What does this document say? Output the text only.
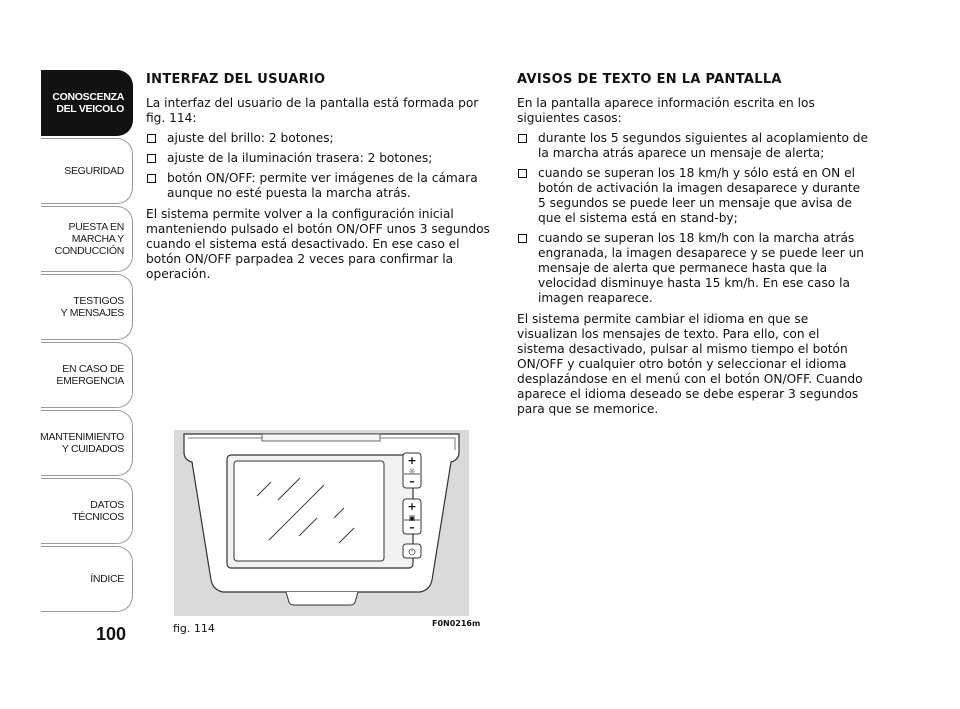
CONOSCENZA
DEL VEICOLO
SEGURIDAD
PUESTA EN
MARCHA Y
CONDUCCIÓN
TESTIGOS
Y MENSAJES
EN CASO DE
EMERGENCIA
MANTENIMIENTO
Y CUIDADOS
DATOS
TÉCNICOS
ÍNDICE
100
INTERFAZ DEL USUARIO
La interfaz del usuario de la pantalla está formada por fig. 114:
ajuste del brillo: 2 botones;
ajuste de la iluminación trasera: 2 botones;
botón ON/OFF: permite ver imágenes de la cámara aunque no esté puesta la marcha atrás.
El sistema permite volver a la configuración inicial manteniendo pulsado el botón ON/OFF unos 3 segundos cuando el sistema está desactivado. En ese caso el botón ON/OFF parpadea 2 veces para confirmar la operación.
AVISOS DE TEXTO EN LA PANTALLA
En la pantalla aparece información escrita en los siguientes casos:
durante los 5 segundos siguientes al acoplamiento de la marcha atrás aparece un mensaje de alerta;
cuando se superan los 18 km/h y sólo está en ON el botón de activación la imagen desaparece y durante 5 segundos se puede leer un mensaje que avisa de que el sistema está en stand-by;
cuando se superan los 18 km/h con la marcha atrás engranada, la imagen desaparece y se puede leer un mensaje de alerta que permanece hasta que la velocidad disminuye hasta 15 km/h. En ese caso la imagen reaparece.
El sistema permite cambiar el idioma en que se visualizan los mensajes de texto. Para ello, con el sistema desactivado, pulsar al mismo tiempo el botón ON/OFF y cualquier otro botón y seleccionar el idioma desplazándose en el menú con el botón ON/OFF. Cuando aparece el idioma deseado se debe esperar 3 segundos para que se memorice.
+
☼
–
+
▣
–
⏻
fig. 114	F0N0216m
